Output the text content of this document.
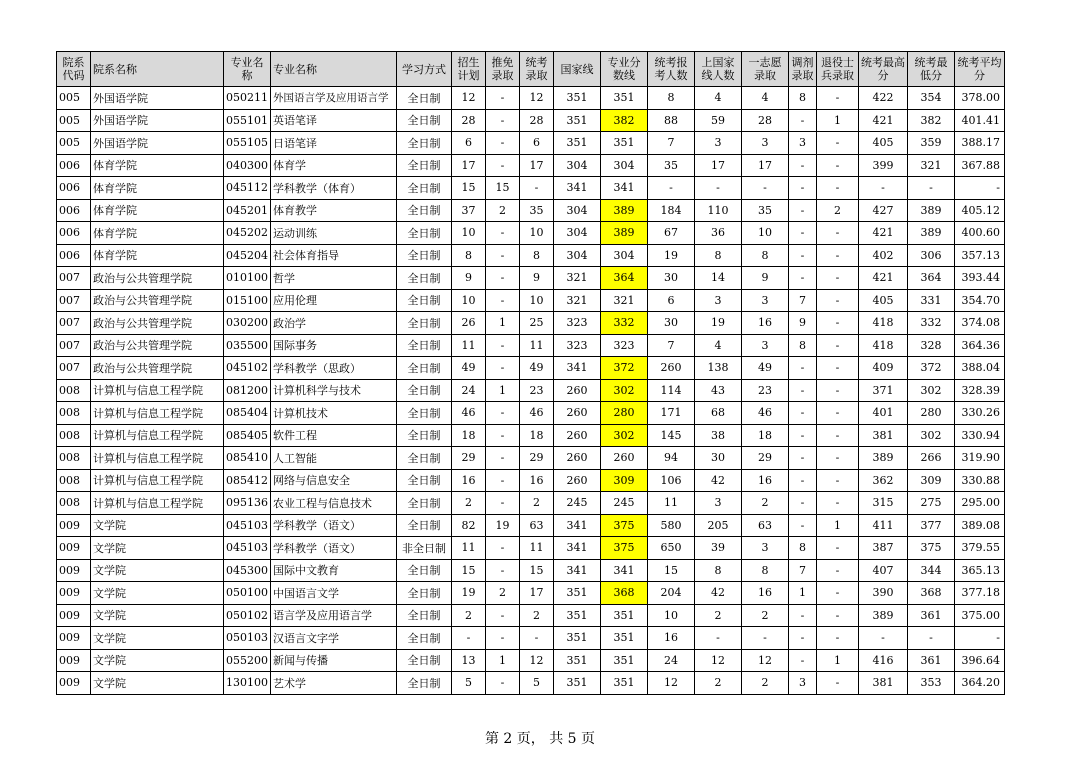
院系代码	院系名称	专业名称	专业名称	学习方式	招生计划	推免录取	统考录取	国家线	专业分数线	统考报考人数	上国家线人数	一志愿录取	调剂录取	退役士兵录取	统考最高分	统考最低分	统考平均分
005	外国语学院	050211	外国语言学及应用语言学	全日制	12	-	12	351	351	8	4	4	8	-	422	354	378.00
005	外国语学院	055101	英语笔译	全日制	28	-	28	351	382	88	59	28	-	1	421	382	401.41
005	外国语学院	055105	日语笔译	全日制	6	-	6	351	351	7	3	3	3	-	405	359	388.17
006	体育学院	040300	体育学	全日制	17	-	17	304	304	35	17	17	-	-	399	321	367.88
006	体育学院	045112	学科教学（体育）	全日制	15	15	-	341	341	-	-	-	-	-	-	-	-
006	体育学院	045201	体育教学	全日制	37	2	35	304	389	184	110	35	-	2	427	389	405.12
006	体育学院	045202	运动训练	全日制	10	-	10	304	389	67	36	10	-	-	421	389	400.60
006	体育学院	045204	社会体育指导	全日制	8	-	8	304	304	19	8	8	-	-	402	306	357.13
007	政治与公共管理学院	010100	哲学	全日制	9	-	9	321	364	30	14	9	-	-	421	364	393.44
007	政治与公共管理学院	015100	应用伦理	全日制	10	-	10	321	321	6	3	3	7	-	405	331	354.70
007	政治与公共管理学院	030200	政治学	全日制	26	1	25	323	332	30	19	16	9	-	418	332	374.08
007	政治与公共管理学院	035500	国际事务	全日制	11	-	11	323	323	7	4	3	8	-	418	328	364.36
007	政治与公共管理学院	045102	学科教学（思政）	全日制	49	-	49	341	372	260	138	49	-	-	409	372	388.04
008	计算机与信息工程学院	081200	计算机科学与技术	全日制	24	1	23	260	302	114	43	23	-	-	371	302	328.39
008	计算机与信息工程学院	085404	计算机技术	全日制	46	-	46	260	280	171	68	46	-	-	401	280	330.26
008	计算机与信息工程学院	085405	软件工程	全日制	18	-	18	260	302	145	38	18	-	-	381	302	330.94
008	计算机与信息工程学院	085410	人工智能	全日制	29	-	29	260	260	94	30	29	-	-	389	266	319.90
008	计算机与信息工程学院	085412	网络与信息安全	全日制	16	-	16	260	309	106	42	16	-	-	362	309	330.88
008	计算机与信息工程学院	095136	农业工程与信息技术	全日制	2	-	2	245	245	11	3	2	-	-	315	275	295.00
009	文学院	045103	学科教学（语文）	全日制	82	19	63	341	375	580	205	63	-	1	411	377	389.08
009	文学院	045103	学科教学（语文）	非全日制	11	-	11	341	375	650	39	3	8	-	387	375	379.55
009	文学院	045300	国际中文教育	全日制	15	-	15	341	341	15	8	8	7	-	407	344	365.13
009	文学院	050100	中国语言文学	全日制	19	2	17	351	368	204	42	16	1	-	390	368	377.18
009	文学院	050102	语言学及应用语言学	全日制	2	-	2	351	351	10	2	2	-	-	389	361	375.00
009	文学院	050103	汉语言文字学	全日制	-	-	-	351	351	16	-	-	-	-	-	-	-
009	文学院	055200	新闻与传播	全日制	13	1	12	351	351	24	12	12	-	1	416	361	396.64
009	文学院	130100	艺术学	全日制	5	-	5	351	351	12	2	2	3	-	381	353	364.20
第 2 页， 共 5 页
